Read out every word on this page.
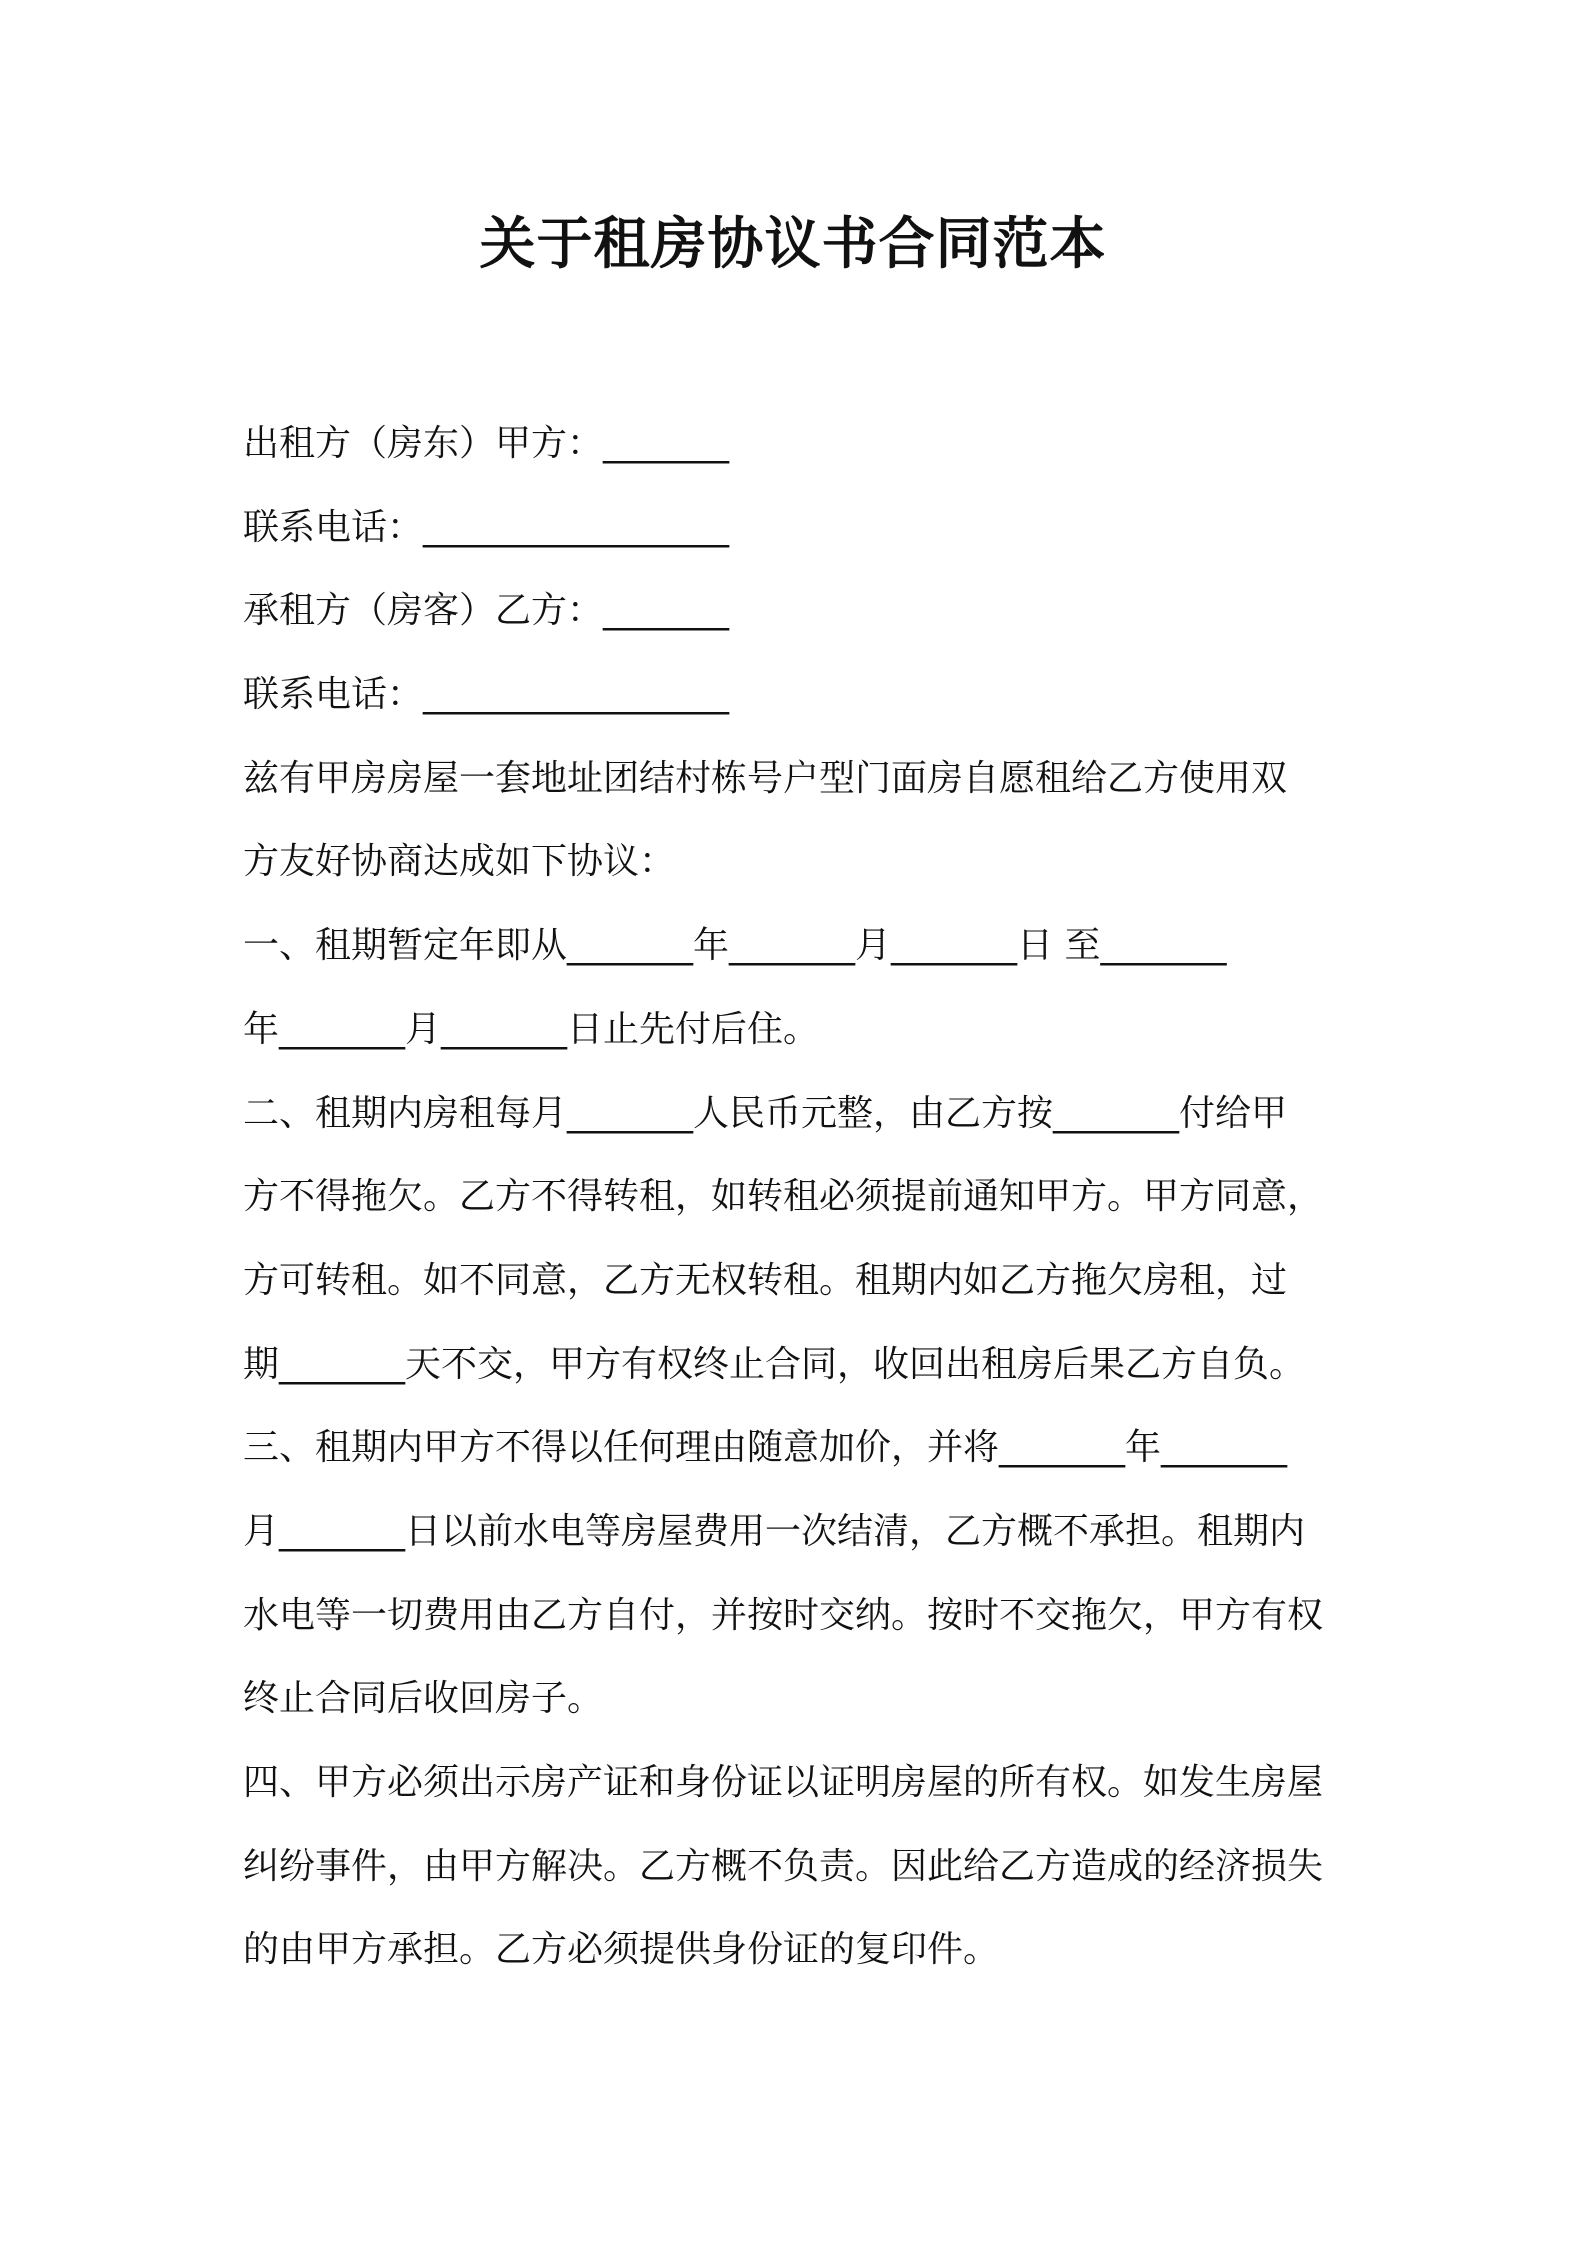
关于租房协议书合同范本
出租方（房东）甲方：_______
联系电话：_________________
承租方（房客）乙方：_______
联系电话：_________________
兹有甲房房屋一套地址团结村栋号户型门面房自愿租给乙方使用双
方友好协商达成如下协议：
一、租期暂定年即从_______年_______月_______日 至_______
年_______月_______日止先付后住。
二、租期内房租每月_______人民币元整，由乙方按_______付给甲
方不得拖欠。乙方不得转租，如转租必须提前通知甲方。甲方同意，
方可转租。如不同意，乙方无权转租。租期内如乙方拖欠房租，过
期_______天不交，甲方有权终止合同，收回出租房后果乙方自负。
三、租期内甲方不得以任何理由随意加价，并将_______年_______
月_______日以前水电等房屋费用一次结清，乙方概不承担。租期内
水电等一切费用由乙方自付，并按时交纳。按时不交拖欠，甲方有权
终止合同后收回房子。
四、甲方必须出示房产证和身份证以证明房屋的所有权。如发生房屋
纠纷事件，由甲方解决。乙方概不负责。因此给乙方造成的经济损失
的由甲方承担。乙方必须提供身份证的复印件。
